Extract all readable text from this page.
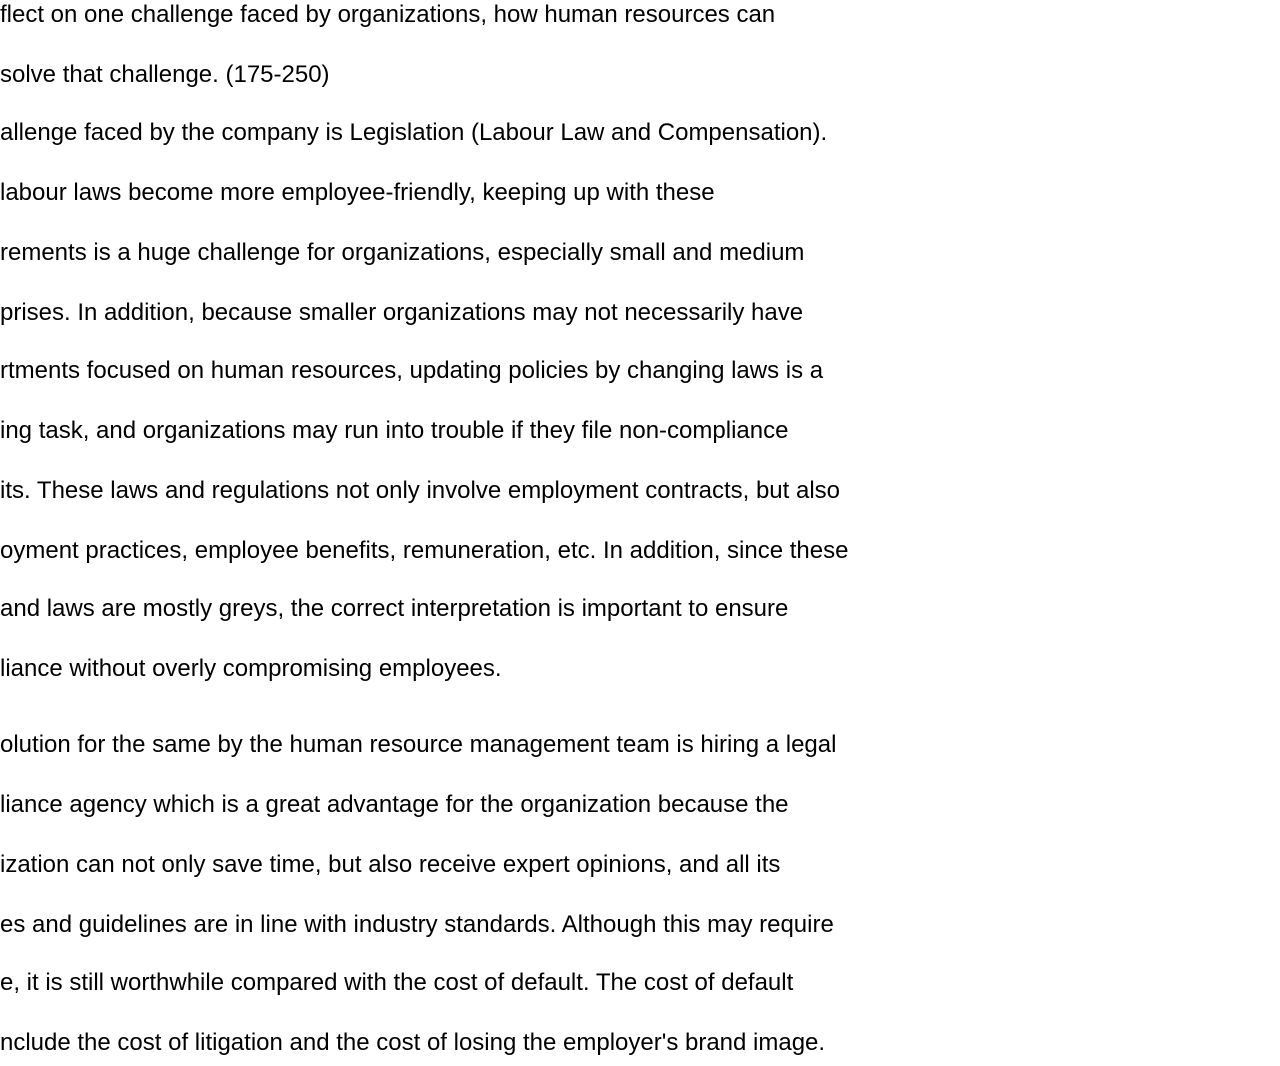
flect on one challenge faced by organizations, how human resources can

solve that challenge. (175-250)

allenge faced by the company is Legislation (Labour Law and Compensation).

labour laws become more employee-friendly, keeping up with these

rements is a huge challenge for organizations, especially small and medium

prises. In addition, because smaller organizations may not necessarily have

rtments focused on human resources, updating policies by changing laws is a

ing task, and organizations may run into trouble if they file non-compliance

its. These laws and regulations not only involve employment contracts, but also

oyment practices, employee benefits, remuneration, etc. In addition, since these

and laws are mostly greys, the correct interpretation is important to ensure

liance without overly compromising employees.

olution for the same by the human resource management team is hiring a legal

liance agency which is a great advantage for the organization because the

ization can not only save time, but also receive expert opinions, and all its

es and guidelines are in line with industry standards. Although this may require

e, it is still worthwhile compared with the cost of default. The cost of default

nclude the cost of litigation and the cost of losing the employer's brand image.
